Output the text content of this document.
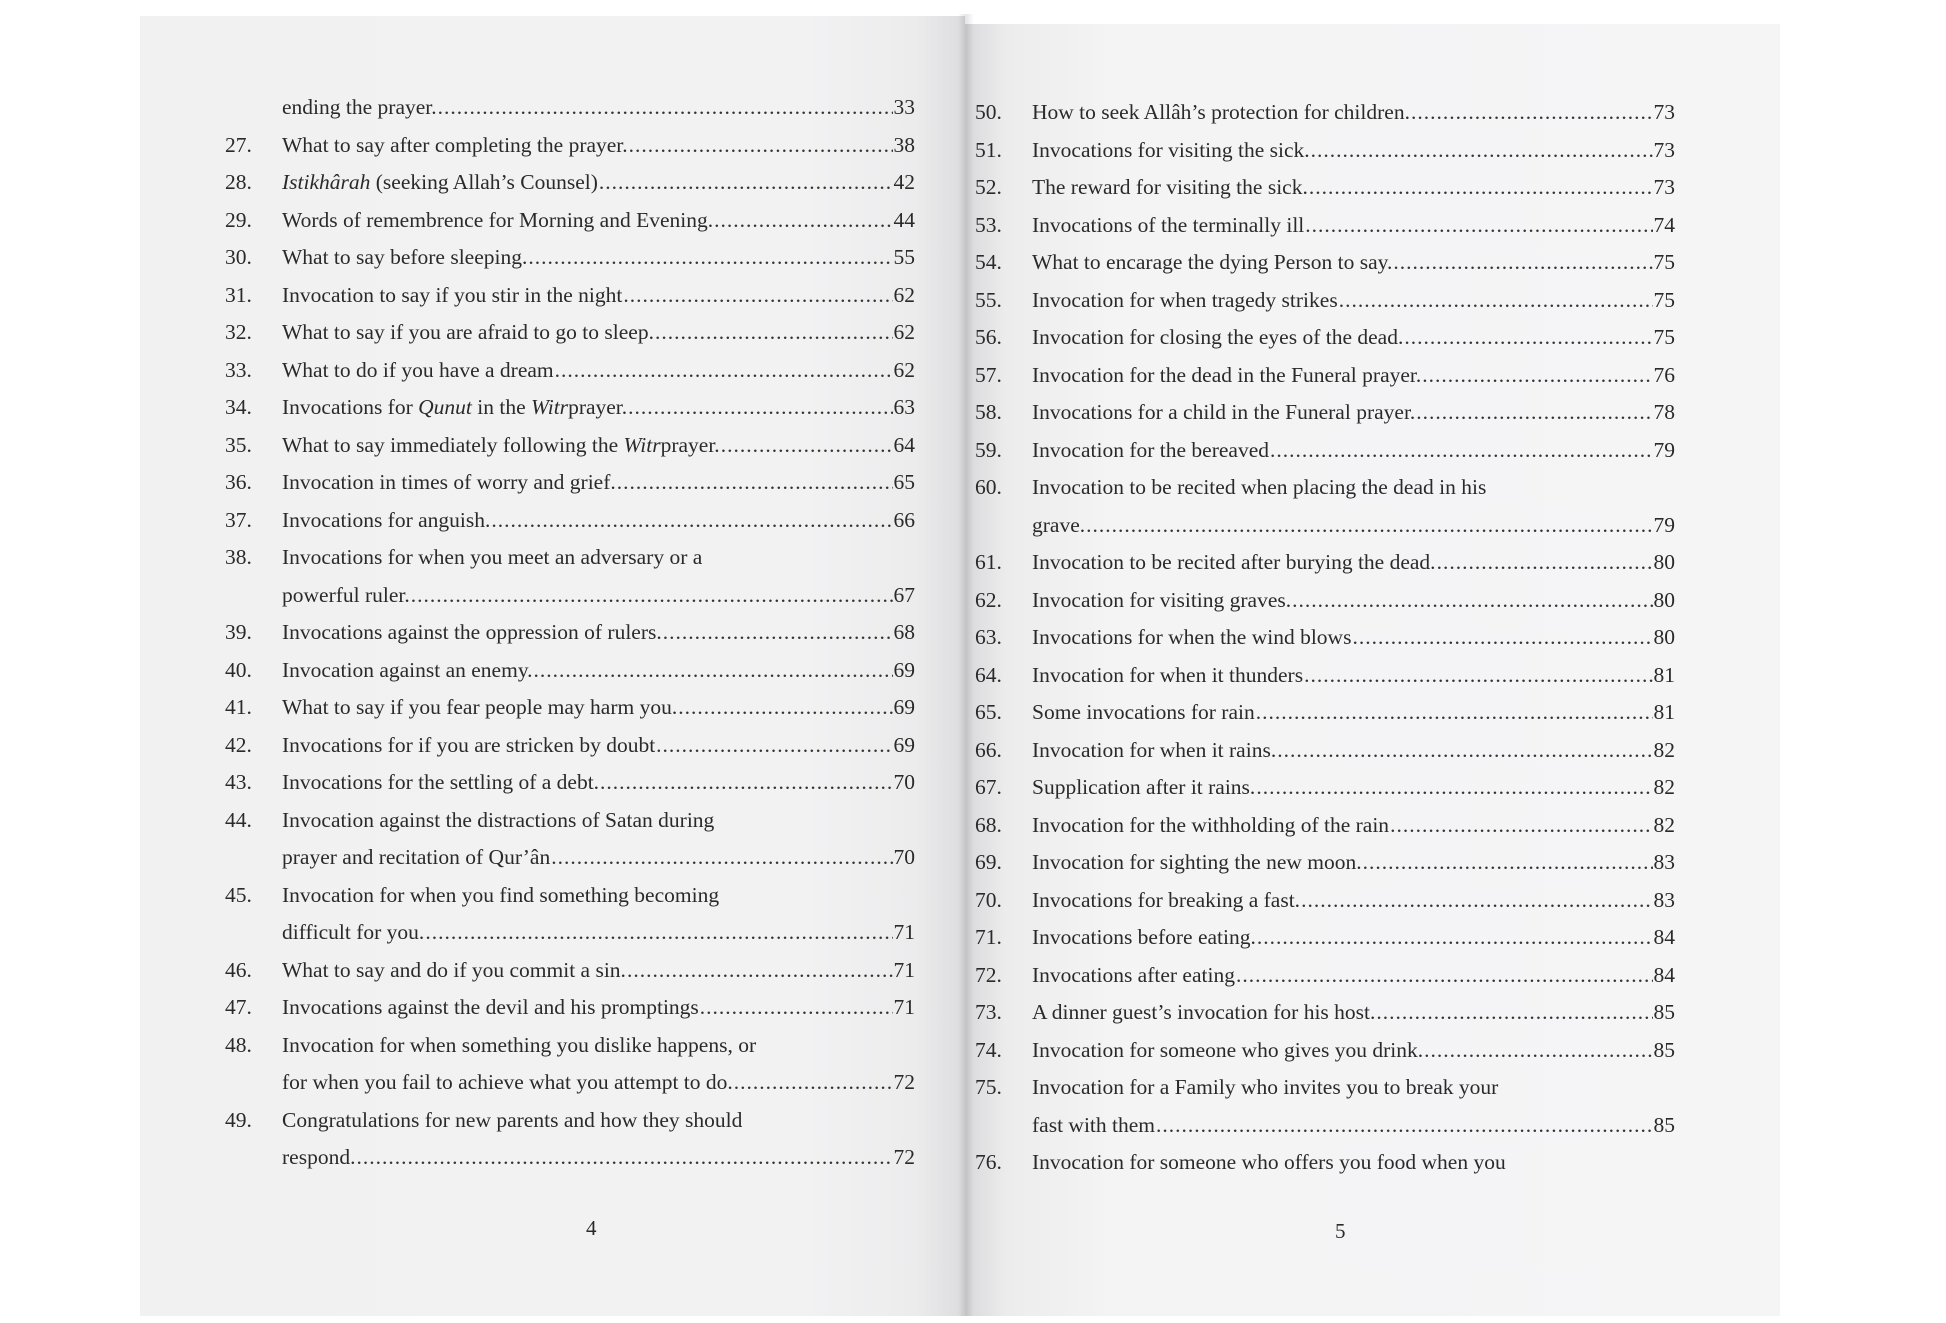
ending the prayer. .....	33
27.	What to say after completing the prayer. .....	38
28.	Istikhârah (seeking Allah’s Counsel) .....	42
29.	Words of remembrence for Morning and Evening. .....	44
30.	What to say before sleeping. .....	55
31.	Invocation to say if you stir in the night .....	62
32.	What to say if you are afraid to go to sleep. .....	62
33.	What to do if you have a dream .....	62
34.	Invocations for Qunut in the Witrprayer. .....	63
35.	What to say immediately following the Witrprayer. .....	64
36.	Invocation in times of worry and grief. .....	65
37.	Invocations for anguish. .....	66
38.	Invocations for when you meet an adversary or a
powerful ruler. .....	67
39.	Invocations against the oppression of rulers. .....	68
40.	Invocation against an enemy. .....	69
41.	What to say if you fear people may harm you. .....	69
42.	Invocations for if you are stricken by doubt .....	69
43.	Invocations for the settling of a debt. .....	70
44.	Invocation against the distractions of Satan during
prayer and recitation of Qur’ân .....	70
45.	Invocation for when you find something becoming
difficult for you. .....	71
46.	What to say and do if you commit a sin. .....	71
47.	Invocations against the devil and his promptings .....	71
48.	Invocation for when something you dislike happens, or
for when you fail to achieve what you attempt to do. .....	72
49.	Congratulations for new parents and how they should
respond. .....	72
50.	How to seek Allâh’s protection for children. .....	73
51.	Invocations for visiting the sick. .....	73
52.	The reward for visiting the sick. .....	73
53.	Invocations of the terminally ill .....	74
54.	What to encarage the dying Person to say. .....	75
55.	Invocation for when tragedy strikes .....	75
56.	Invocation for closing the eyes of the dead. .....	75
57.	Invocation for the dead in the Funeral prayer. .....	76
58.	Invocations for a child in the Funeral prayer. .....	78
59.	Invocation for the bereaved .....	79
60.	Invocation to be recited when placing the dead in his
grave. .....	79
61.	Invocation to be recited after burying the dead. .....	80
62.	Invocation for visiting graves. .....	80
63.	Invocations for when the wind blows .....	80
64.	Invocation for when it thunders .....	81
65.	Some invocations for rain .....	81
66.	Invocation for when it rains. .....	82
67.	Supplication after it rains. .....	82
68.	Invocation for the withholding of the rain .....	82
69.	Invocation for sighting the new moon. .....	83
70.	Invocations for breaking a fast. .....	83
71.	Invocations before eating. .....	84
72.	Invocations after eating .....	84
73.	A dinner guest’s invocation for his host. .....	85
74.	Invocation for someone who gives you drink. .....	85
75.	Invocation for a Family who invites you to break your
fast with them .....	85
76.	Invocation for someone who offers you food when you
4	5
